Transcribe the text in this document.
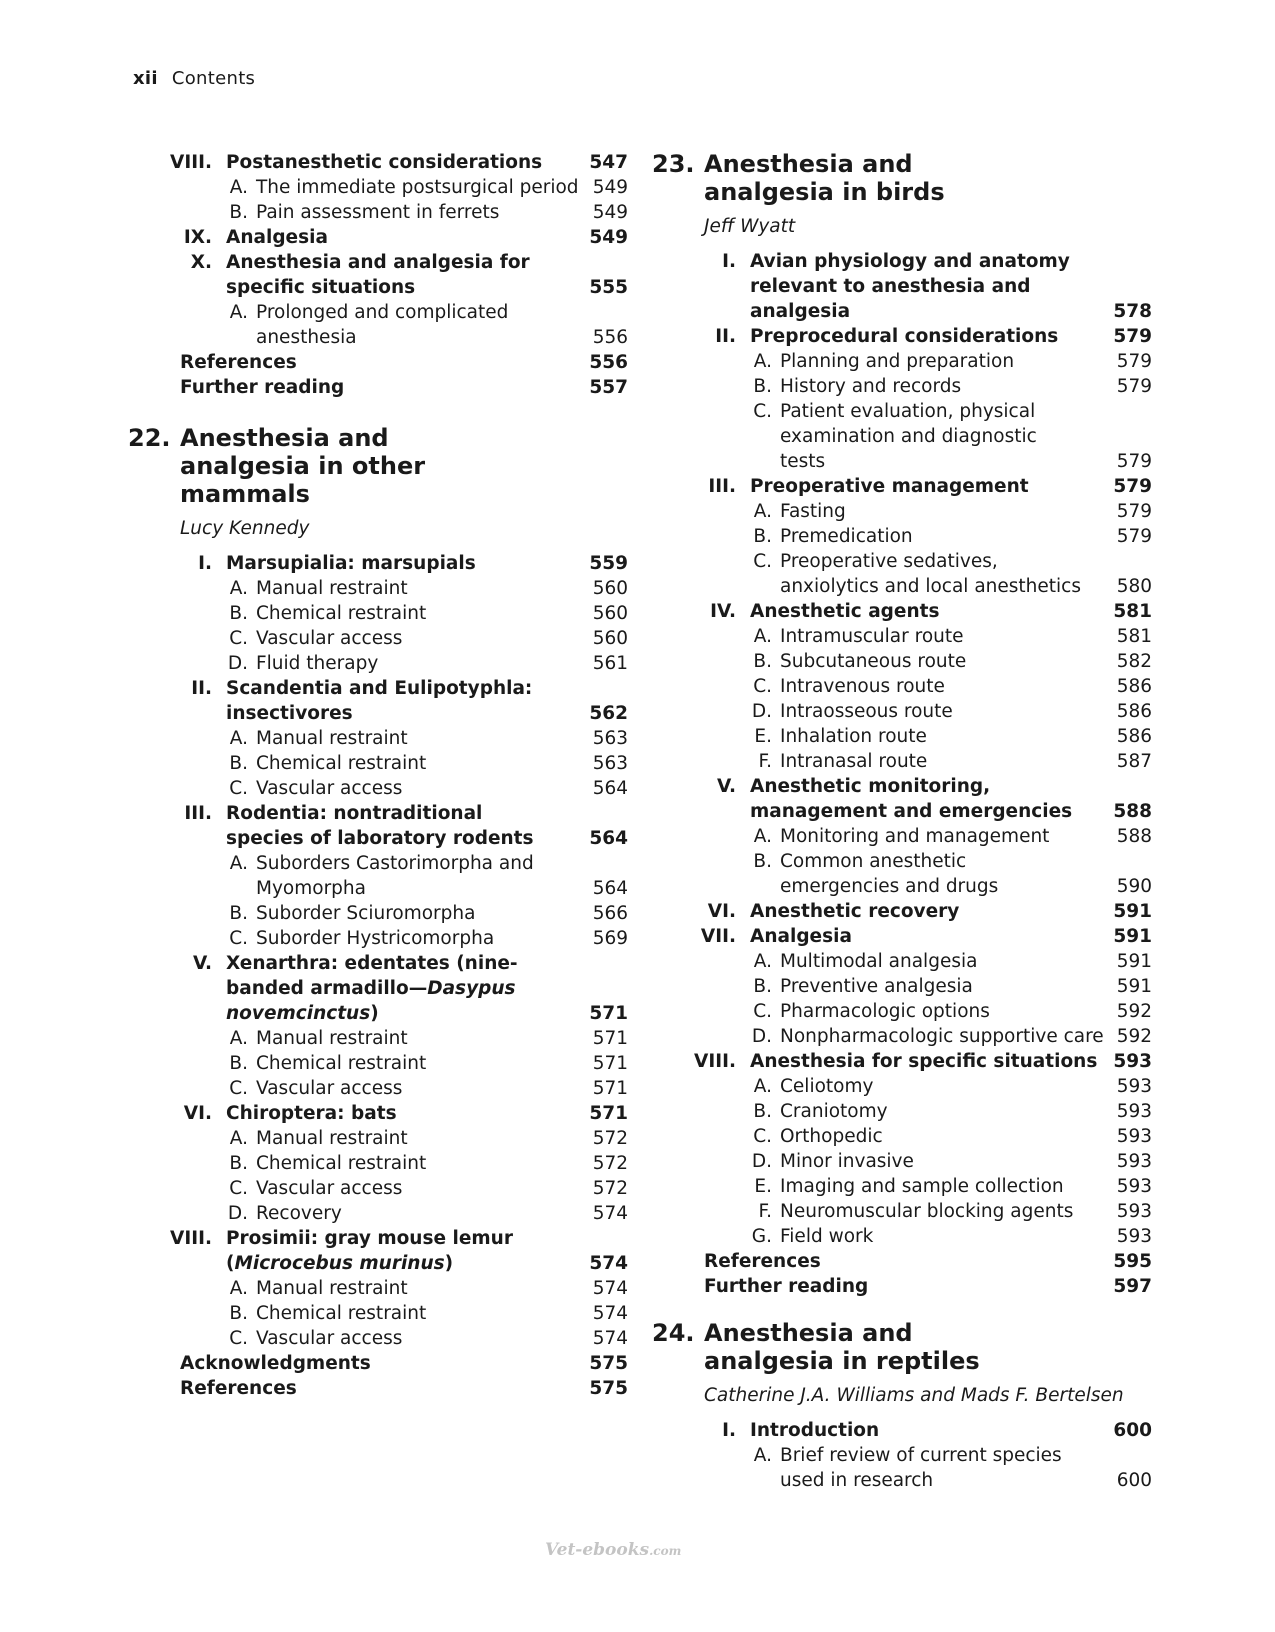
xii Contents
VIII. Postanesthetic considerations	547
A. The immediate postsurgical period 549
B. Pain assessment in ferrets	549
IX. Analgesia	549
X. Anesthesia and analgesia for specific situations	555
A. Prolonged and complicated anesthesia	556
References	556
Further reading	557
22. Anesthesia and analgesia in other mammals
Lucy Kennedy
I. Marsupialia: marsupials	559
A. Manual restraint	560
B. Chemical restraint	560
C. Vascular access	560
D. Fluid therapy	561
II. Scandentia and Eulipotyphla: insectivores	562
A. Manual restraint	563
B. Chemical restraint	563
C. Vascular access	564
III. Rodentia: nontraditional species of laboratory rodents	564
A. Suborders Castorimorpha and Myomorpha	564
B. Suborder Sciuromorpha	566
C. Suborder Hystricomorpha	569
V. Xenarthra: edentates (nine-banded armadillo—Dasypus novemcinctus)	571
A. Manual restraint	571
B. Chemical restraint	571
C. Vascular access	571
VI. Chiroptera: bats	571
A. Manual restraint	572
B. Chemical restraint	572
C. Vascular access	572
D. Recovery	574
VIII. Prosimii: gray mouse lemur
(Microcebus murinus)	574
A. Manual restraint	574
B. Chemical restraint	574
C. Vascular access	574
Acknowledgments	575
References	575
23. Anesthesia and analgesia in birds
Jeff Wyatt
I. Avian physiology and anatomy relevant to anesthesia and analgesia	578
II. Preprocedural considerations	579
A. Planning and preparation	579
B. History and records	579
C. Patient evaluation, physical examination and diagnostic tests	579
III. Preoperative management	579
A. Fasting	579
B. Premedication	579
C. Preoperative sedatives, anxiolytics and local anesthetics	580
IV. Anesthetic agents	581
A. Intramuscular route	581
B. Subcutaneous route	582
C. Intravenous route	586
D. Intraosseous route	586
E. Inhalation route	586
F. Intranasal route	587
V. Anesthetic monitoring, management and emergencies	588
A. Monitoring and management	588
B. Common anesthetic emergencies and drugs	590
VI. Anesthetic recovery	591
VII. Analgesia	591
A. Multimodal analgesia	591
B. Preventive analgesia	591
C. Pharmacologic options	592
D. Nonpharmacologic supportive care 592
VIII. Anesthesia for specific situations 593
A. Celiotomy	593
B. Craniotomy	593
C. Orthopedic	593
D. Minor invasive	593
E. Imaging and sample collection	593
F. Neuromuscular blocking agents	593
G. Field work	593
References	595
Further reading	597
24. Anesthesia and analgesia in reptiles
Catherine J.A. Williams and Mads F. Bertelsen
I. Introduction	600
A. Brief review of current species used in research	600
Vet-ebooks.com
